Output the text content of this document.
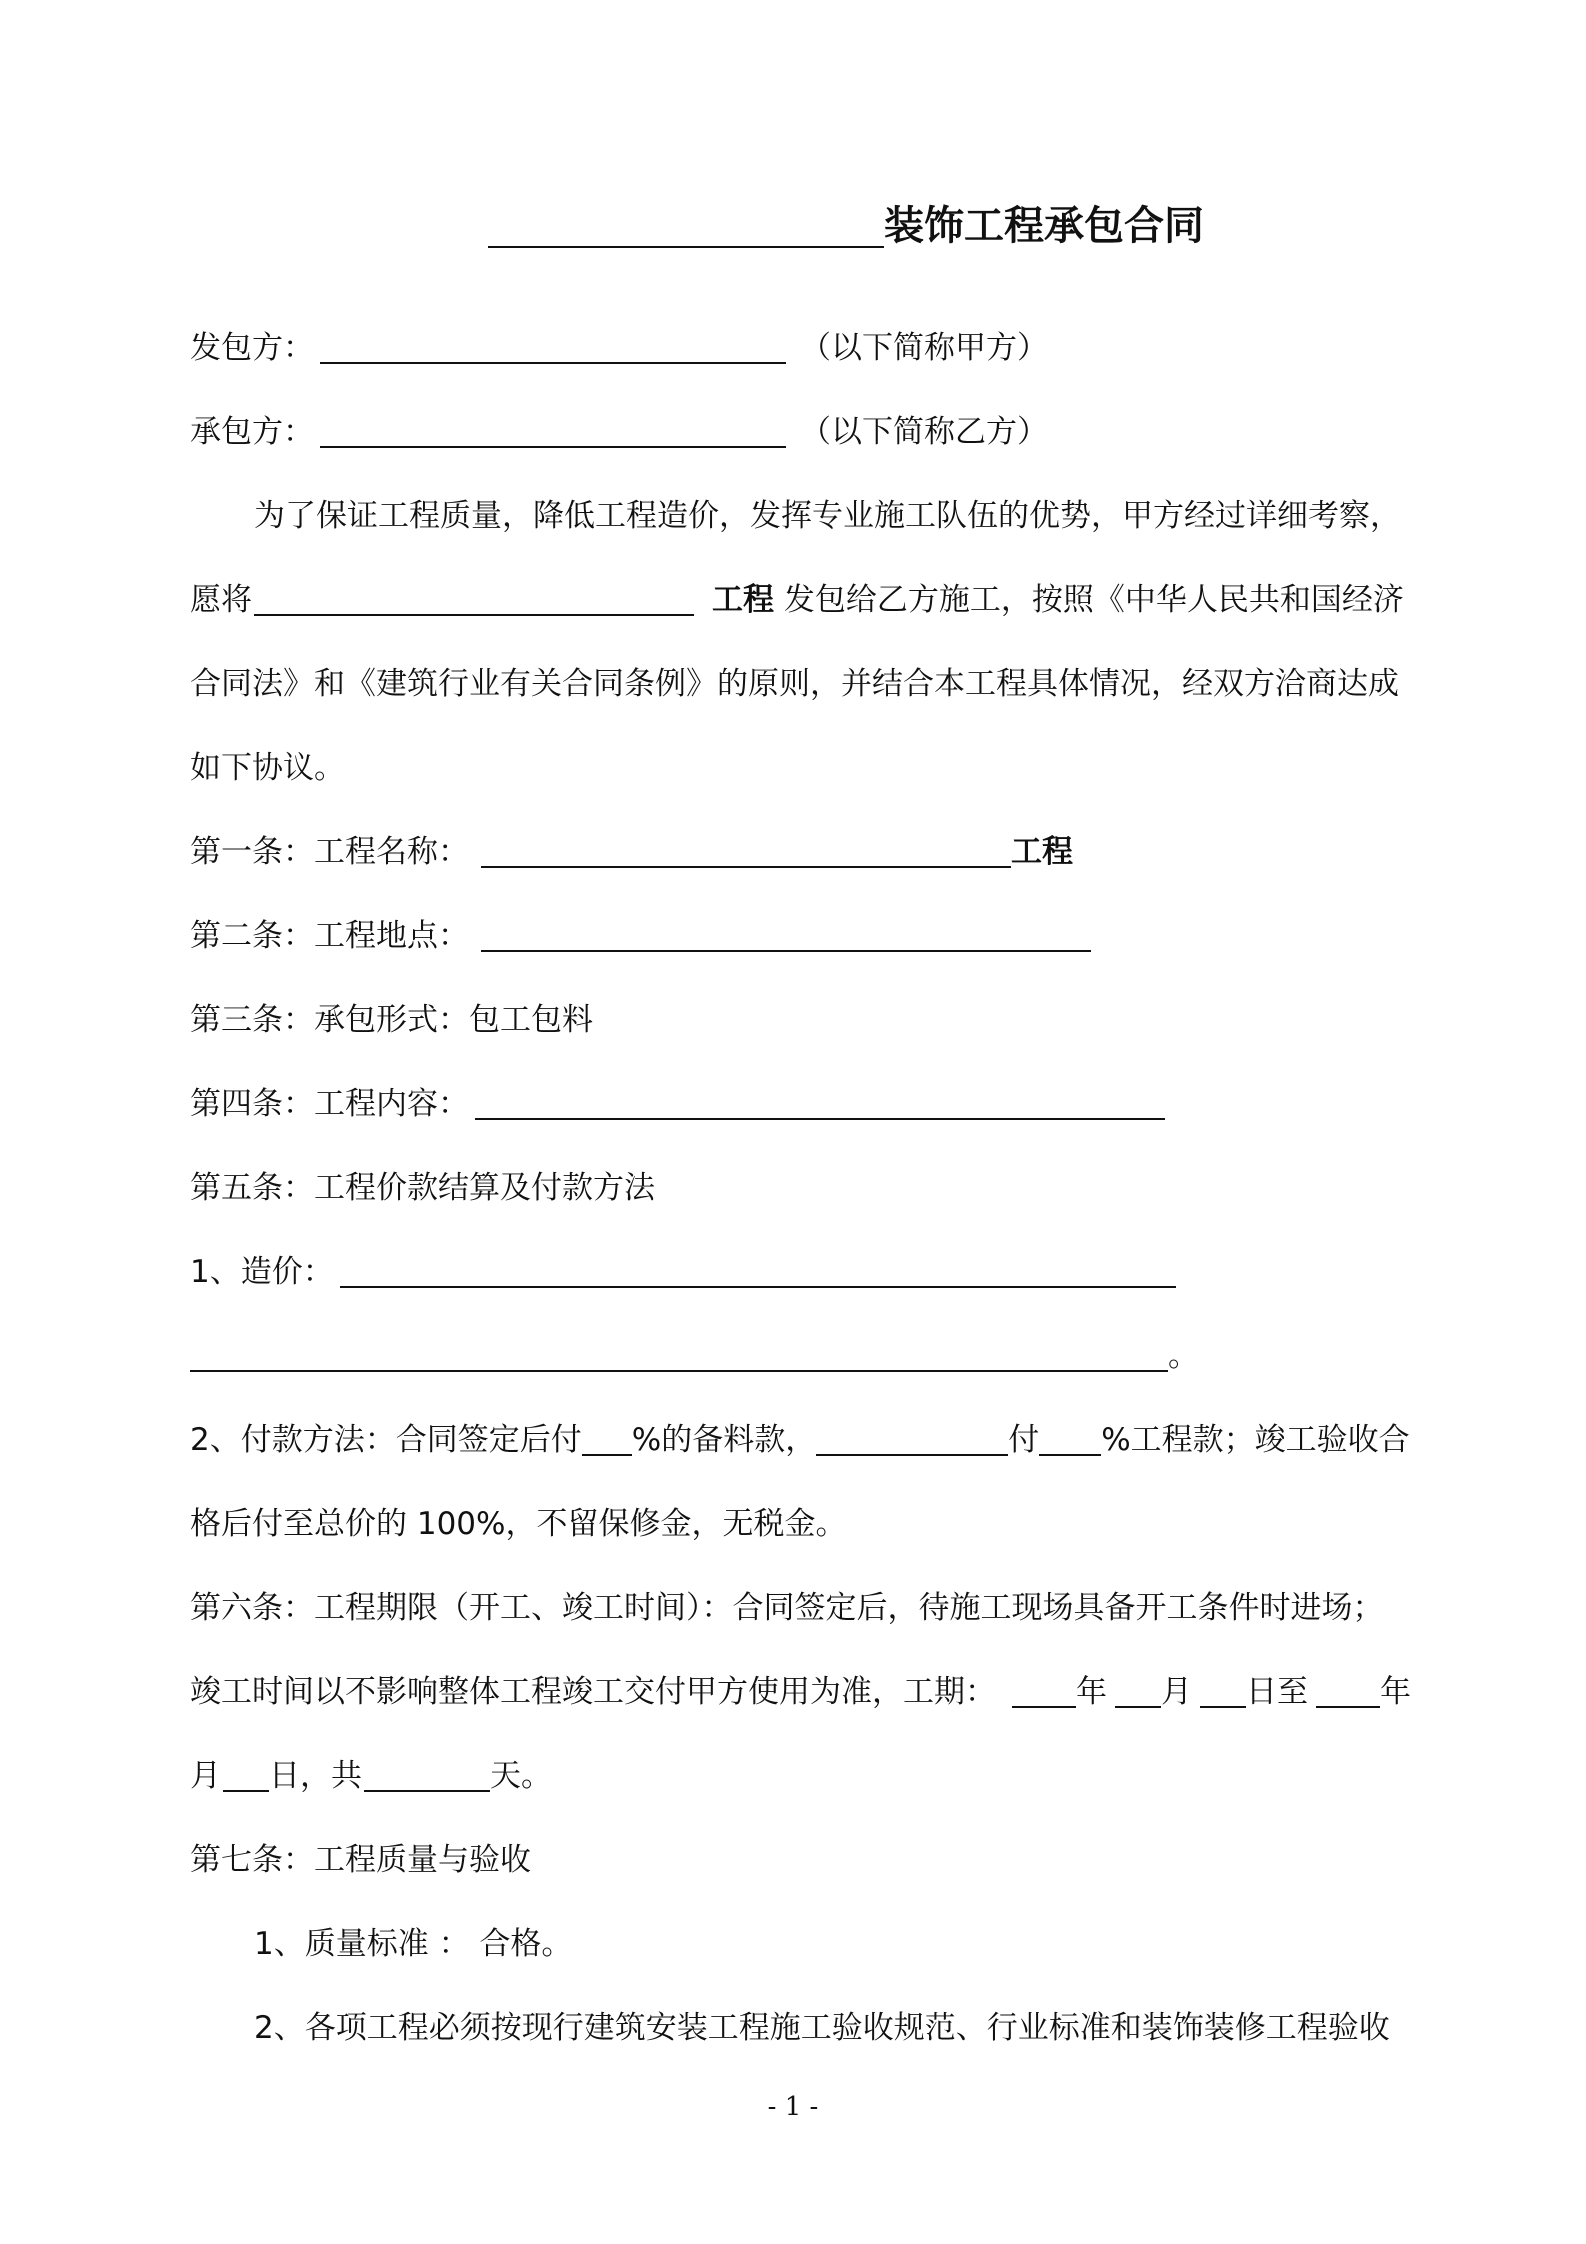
装饰工程承包合同
发包方：	（以下简称甲方）
承包方：	（以下简称乙方）
为了保证工程质量，降低工程造价，发挥专业施工队伍的优势，甲方经过详细考察，
愿将	工程 发包给乙方施工，按照《中华人民共和国经济
合同法》和《建筑行业有关合同条例》的原则，并结合本工程具体情况，经双方洽商达成
如下协议。
第一条：工程名称：	工程
第二条：工程地点：
第三条：承包形式：包工包料
第四条：工程内容：
第五条：工程价款结算及付款方法
1、造价：
。
2、付款方法：合同签定后付 %的备料款，	付 %工程款；竣工验收合
格后付至总价的 100%，不留保修金，无税金。
第六条：工程期限（开工、竣工时间）：合同签定后，待施工现场具备开工条件时进场；
竣工时间以不影响整体工程竣工交付甲方使用为准，工期：	年 月 日至 年
月 日，共	天。
第七条：工程质量与验收
1、质量标准 ： 合格。
2、各项工程必须按现行建筑安装工程施工验收规范、行业标准和装饰装修工程验收
- 1 -
